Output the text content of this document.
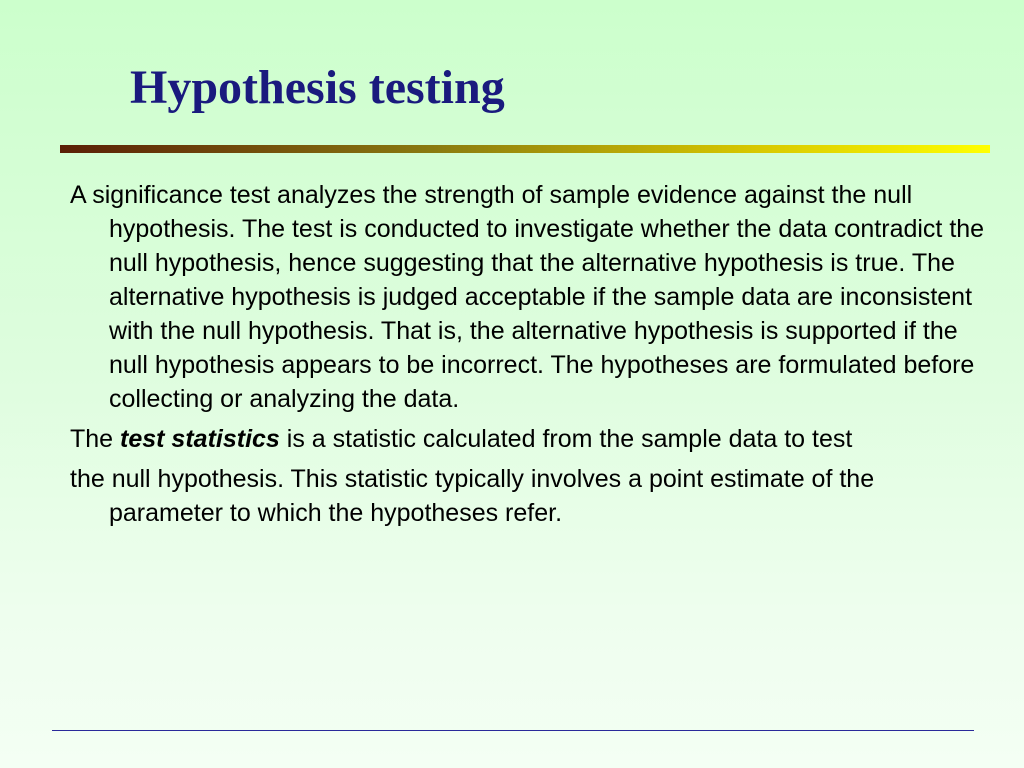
Hypothesis testing

A significance test analyzes the strength of sample evidence against the null hypothesis. The test is conducted to investigate whether the data contradict the null hypothesis, hence suggesting that the alternative hypothesis is true. The alternative hypothesis is judged acceptable if the sample data are inconsistent with the null hypothesis. That is, the alternative hypothesis is supported if the null hypothesis appears to be incorrect. The hypotheses are formulated before collecting or analyzing the data.

The test statistics is a statistic calculated from the sample data to test

the null hypothesis. This statistic typically involves a point estimate of the parameter to which the hypotheses refer.
